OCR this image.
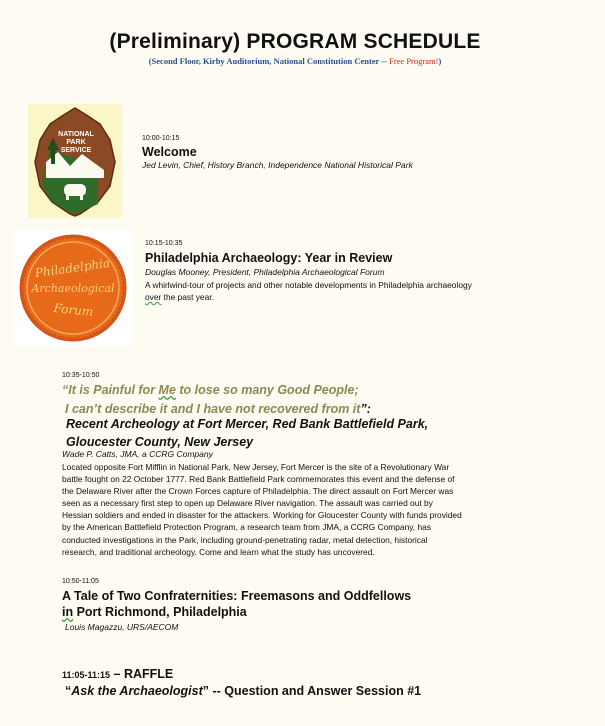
(Preliminary) PROGRAM SCHEDULE
(Second Floor, Kirby Auditorium, National Constitution Center -- Free Program!)
NATIONAL
PARK
SERVICE
10:00-10:15
Welcome
Jed Levin, Chief, History Branch, Independence National Historical Park
Philadelphia
Archaeological
Forum
10:15-10:35
Philadelphia Archaeology: Year in Review
Douglas Mooney, President, Philadelphia Archaeological Forum
A whirlwind-tour of projects and other notable developments in Philadelphia archaeology
over the past year.
10:35-10:50
“It is Painful for Me to lose so many Good People;
I can’t describe it and I have not recovered from it”:
Recent Archeology at Fort Mercer, Red Bank Battlefield Park,
Gloucester County, New Jersey
Wade P. Catts, JMA, a CCRG Company
Located opposite Fort Mifflin in National Park, New Jersey, Fort Mercer is the site of a Revolutionary War
battle fought on 22 October 1777. Red Bank Battlefield Park commemorates this event and the defense of
the Delaware River after the Crown Forces capture of Philadelphia. The direct assault on Fort Mercer was
seen as a necessary first step to open up Delaware River navigation. The assault was carried out by
Hessian soldiers and ended in disaster for the attackers. Working for Gloucester County with funds provided
by the American Battlefield Protection Program, a research team from JMA, a CCRG Company, has
conducted investigations in the Park, including ground-penetrating radar, metal detection, historical
research, and traditional archeology. Come and learn what the study has uncovered.
10:50-11:05
A Tale of Two Confraternities: Freemasons and Oddfellows
in Port Richmond, Philadelphia
Louis Magazzu, URS/AECOM
11:05-11:15 – RAFFLE
“Ask the Archaeologist” -- Question and Answer Session #1
